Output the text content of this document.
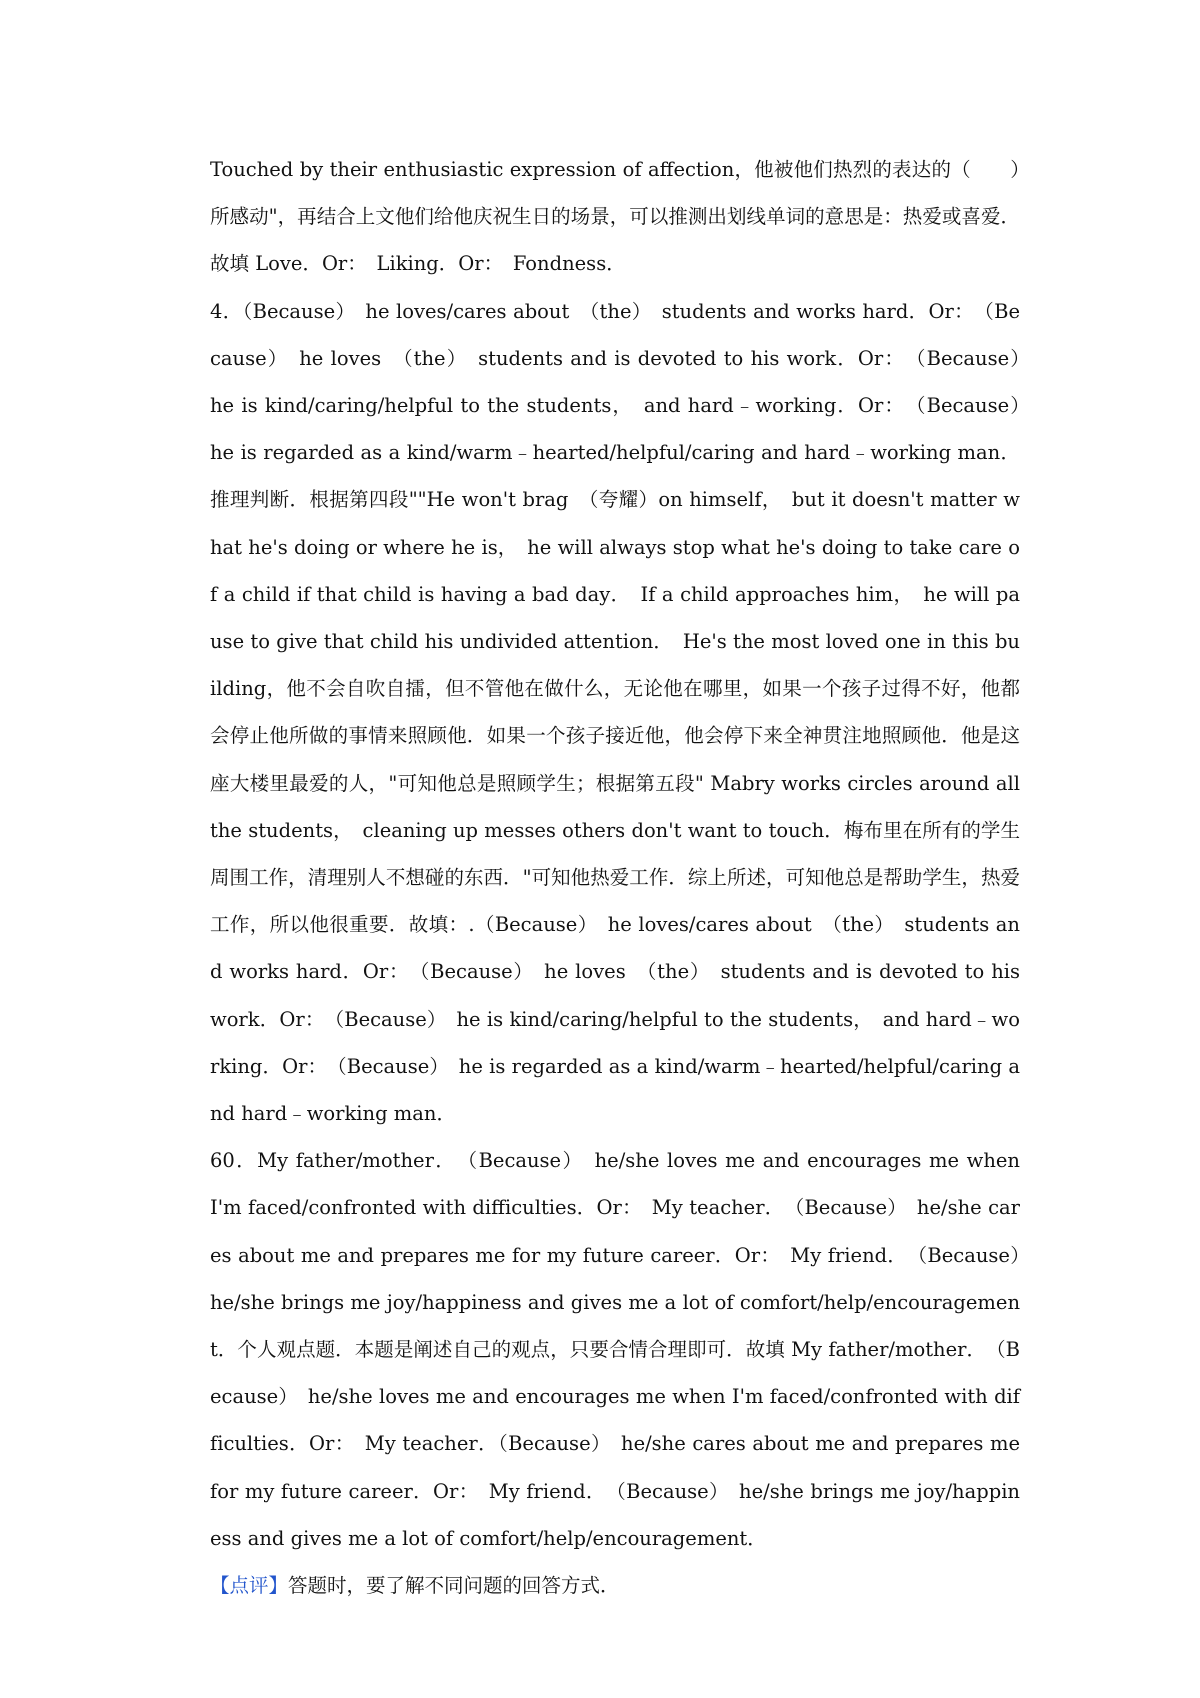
Touched by their enthusiastic expression of affection，他被他们热烈的表达的（　　）所感动"，再结合上文他们给他庆祝生日的场景，可以推测出划线单词的意思是：热爱或喜爱．故填 Love．Or：　Liking．Or：　Fondness．

4．（Because）　he loves/cares about　（the）　students and works hard．Or：　（Because）　he loves　（the）　students and is devoted to his work．Or：　（Because）　he is kind/caring/helpful to the students，　and hard﹣working．Or：　（Because）　he is regarded as a kind/warm﹣hearted/helpful/caring and hard﹣working man．推理判断．根据第四段""He won't brag　（夸耀）on himself，　but it doesn't matter what he's doing or where he is，　he will always stop what he's doing to take care of a child if that child is having a bad day．　If a child approaches him，　he will pause to give that child his undivided attention．　He's the most loved one in this building，他不会自吹自擂，但不管他在做什么，无论他在哪里，如果一个孩子过得不好，他都会停止他所做的事情来照顾他．如果一个孩子接近他，他会停下来全神贯注地照顾他．他是这座大楼里最爱的人，"可知他总是照顾学生；根据第五段" Mabry works circles around all the students，　cleaning up messes others don't want to touch．梅布里在所有的学生周围工作，清理别人不想碰的东西．"可知他热爱工作．综上所述，可知他总是帮助学生，热爱工作，所以他很重要．故填：.（Because）　he loves/cares about　（the）　students and works hard．Or：　（Because）　he loves　（the）　students and is devoted to his work．Or：　（Because）　he is kind/caring/helpful to the students，　and hard﹣working．Or：　（Because）　he is regarded as a kind/warm﹣hearted/helpful/caring and hard﹣working man．

60．My father/mother．　（Because）　he/she loves me and encourages me when I'm faced/confronted with difficulties．Or：　My teacher．　（Because）　he/she cares about me and prepares me for my future career．Or：　My friend．　（Because）　he/she brings me joy/happiness and gives me a lot of comfort/help/encouragement．个人观点题．本题是阐述自己的观点，只要合情合理即可．故填 My father/mother．　（Because）　he/she loves me and encourages me when I'm faced/confronted with difficulties．Or：　My teacher．（Because）　he/she cares about me and prepares me for my future career．Or：　My friend．　（Because）　he/she brings me joy/happiness and gives me a lot of comfort/help/encouragement．

【点评】答题时，要了解不同问题的回答方式．
